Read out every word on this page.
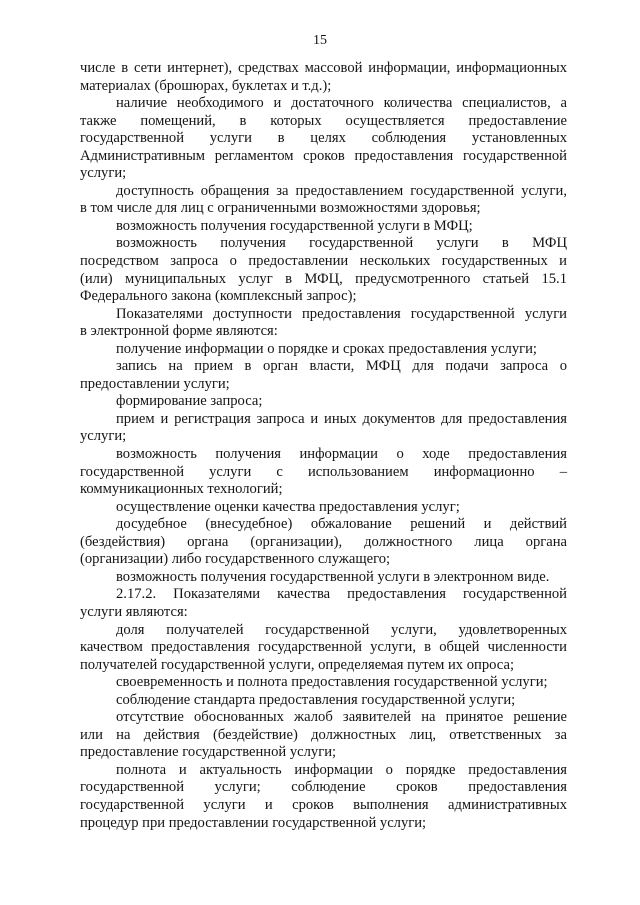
15
числе в сети интернет), средствах массовой информации, информационных
материалах (брошюрах, буклетах и т.д.);
наличие необходимого и достаточного количества специалистов, а
также помещений, в которых осуществляется предоставление
государственной услуги в целях соблюдения установленных
Административным регламентом сроков предоставления государственной
услуги;
доступность обращения за предоставлением государственной услуги,
в том числе для лиц с ограниченными возможностями здоровья;
возможность получения государственной услуги в МФЦ;
возможность получения государственной услуги в МФЦ
посредством запроса о предоставлении нескольких государственных и
(или) муниципальных услуг в МФЦ, предусмотренного статьей 15.1
Федерального закона (комплексный запрос);
Показателями доступности предоставления государственной услуги
в электронной форме являются:
получение информации о порядке и сроках предоставления услуги;
запись на прием в орган власти, МФЦ для подачи запроса о
предоставлении услуги;
формирование запроса;
прием и регистрация запроса и иных документов для предоставления
услуги;
возможность получения информации о ходе предоставления
государственной услуги с использованием информационно –
коммуникационных технологий;
осуществление оценки качества предоставления услуг;
досудебное (внесудебное) обжалование решений и действий
(бездействия) органа (организации), должностного лица органа
(организации) либо государственного служащего;
возможность получения государственной услуги в электронном виде.
2.17.2. Показателями качества предоставления государственной
услуги являются:
доля получателей государственной услуги, удовлетворенных
качеством предоставления государственной услуги, в общей численности
получателей государственной услуги, определяемая путем их опроса;
своевременность и полнота предоставления государственной услуги;
соблюдение стандарта предоставления государственной услуги;
отсутствие обоснованных жалоб заявителей на принятое решение
или на действия (бездействие) должностных лиц, ответственных за
предоставление государственной услуги;
полнота и актуальность информации о порядке предоставления
государственной услуги; соблюдение сроков предоставления
государственной услуги и сроков выполнения административных
процедур при предоставлении государственной услуги;
